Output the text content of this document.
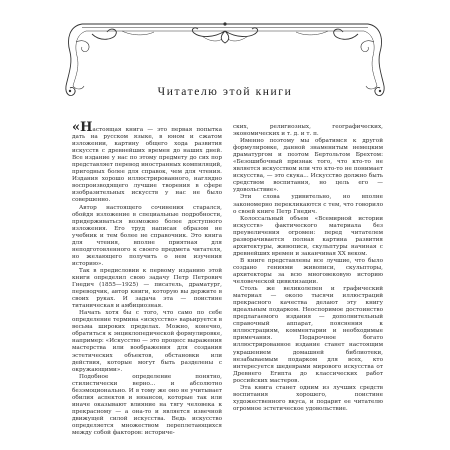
Читателю этой книги

«Настоящая книга — это первая попытка дать на русском языке, в юном и сжатом изложении, картину общего хода развития искусств с древнейших времен до наших дней. Все издание у нас по этому предмету до сих пор представляет перевод иностранных компиляций, пригодных более для справок, чем для чтения. Издания хорошо иллюстрированного, наглядно воспроизводящего лучшие творения в сфере изобразительных искусств у нас не было совершенно.

Автор настоящего сочинения старался, обойдя изложение в специальные подробности, придерживаться возможно более доступного изложения. Его труд написан образом не учебник и тем более не справочник. Это книга для чтения, вполне приятная для неподготовленного к своего предмета читателя, но желающего получить о нем изучения историю».

Так в предисловии к первому изданию этой книги определил свою задачу Петр Петрович Гнедич (1855—1925) — писатель, драматург, переводчик, автор книги, которую вы держите в своих руках. И задача эта — поистине титаническая и амбициозная.

Начать хотя бы с того, что само по себе определение термина «искусство» варьируется в весьма широких пределах. Можно, конечно, обратиться к энциклопедической формулировке, например: «Искусство — это процесс выражения мастерства или воображения для создания эстетических объектов, обстановки или действия, которые могут быть разделены с окружающими».

Подобное определение понятно, стилистически верно... и абсолютно безэмоционально. И в тому же оно не учитывает обилия аспектов и нюансов, которые так или иначе оказывают влияние на тягу человека к прекрасному — а она-то и является извечной движущей силой искусства. Ведь искусство определяется множеством переплетающихся между собой факторов: историче-

ских, религиозных, географических, экономических и т. д. и т. п.

Именно поэтому мы обратимся к другой формулировке, данной знаменитым немецким драматургом и поэтом Бертольтом Брехтом: «Безошибочный признак того, что кто-то не является искусством или что кто-то не понимает искусства, — это скука... Искусство должно быть средством воспитания, но цель его — удовольствие».

Эти слова удивительно, но вполне закономерно перекликаются с тем, что говорило о своей книге Петр Гнедич.

Колоссальный объем «Всемирной истории искусств» фактического материала без преувеличения огромен: перед читателем разворачивается полная картина развития архитектуры, живописи, скульптуры начиная с древнейших времен и заканчивая XX веком.

В книге представлены все лучшие, что было создано гениями живописи, скульпторы, архитекторы за всю многовековую историю человеческой цивилизации.

Столь же великолепен и графический материал — около тысячи иллюстраций прекрасного качества делают эту книгу идеальным подарком. Неоспоримое достоинство предлагаемого издания — дополнительный справочный аппарат, пояснения к иллюстрациям, комментарии и необходимые примечания. Подарочное богато иллюстрированное издание станет настоящим украшением домашней библиотеки, незабываемым подарком для всех, кто интересуется шедеврами мирового искусства от Древнего Египта до классических работ российских мастеров.

Эта книга станет одним из лучших средств воспитания хорошего, поистине художественного вкуса, и подарит ее читателю огромное эстетическое удовольствие.
